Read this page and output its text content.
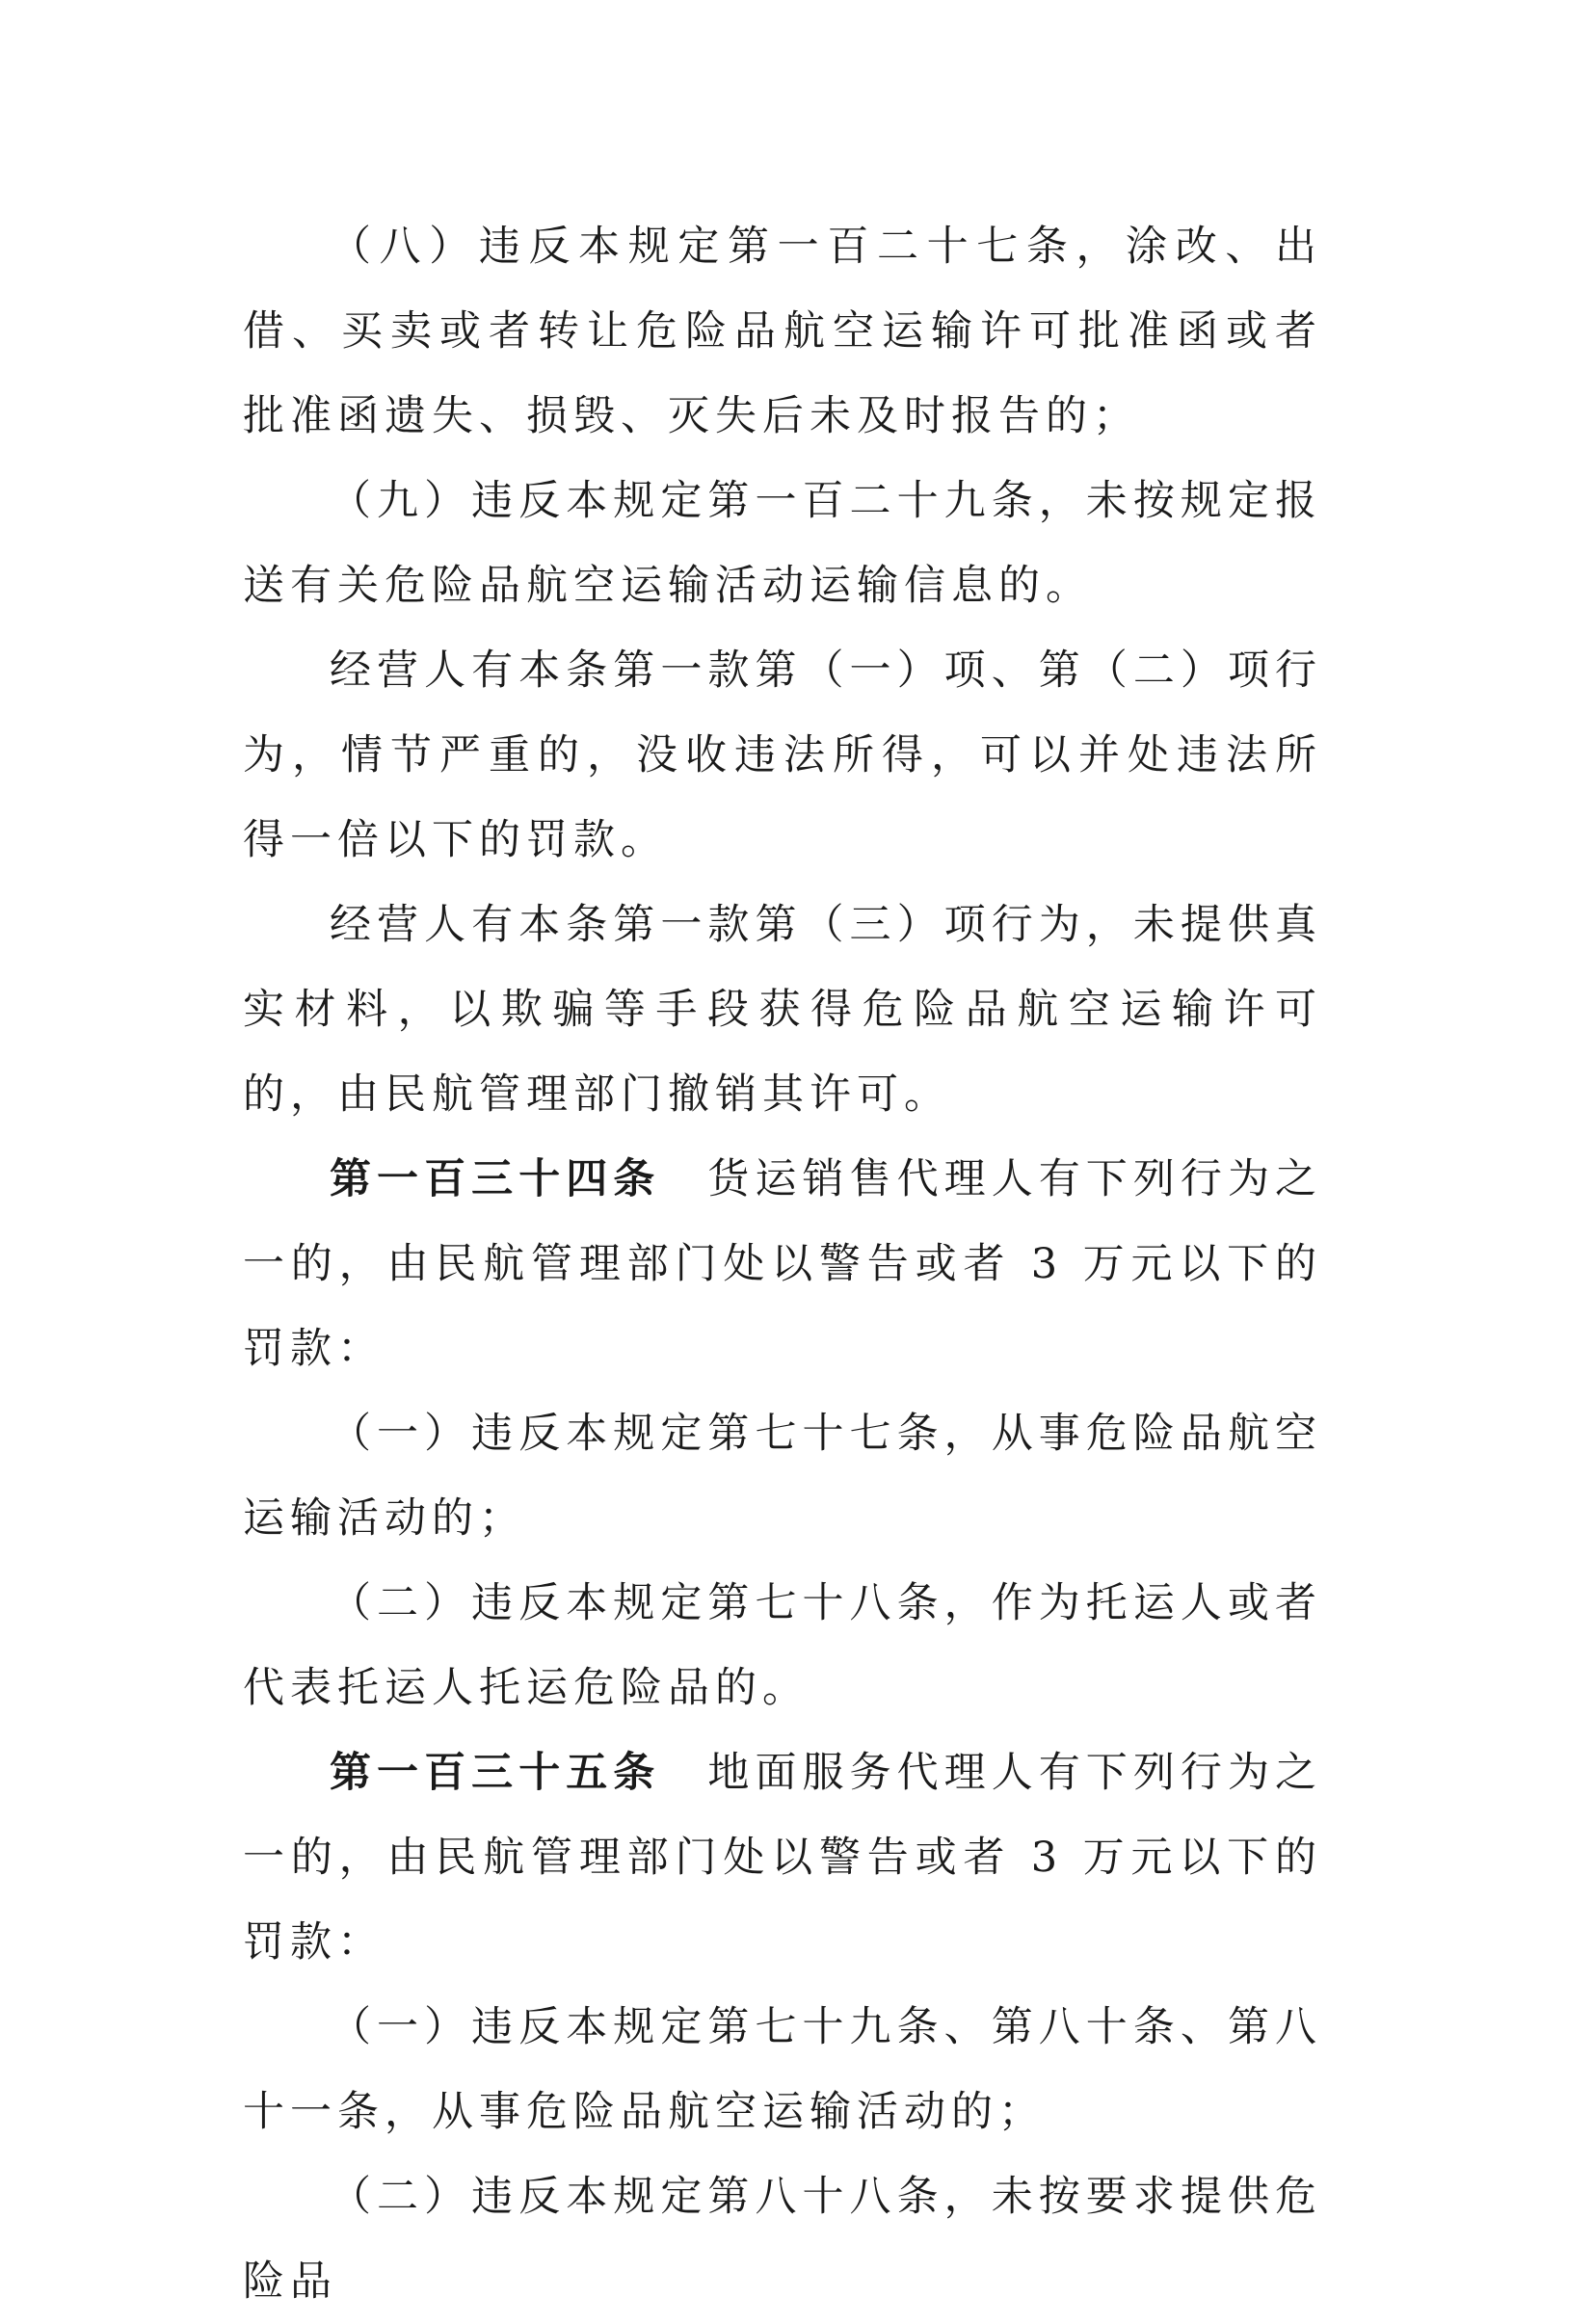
（八）违反本规定第一百二十七条，涂改、出借、买卖或者转让危险品航空运输许可批准函或者批准函遗失、损毁、灭失后未及时报告的；

（九）违反本规定第一百二十九条，未按规定报送有关危险品航空运输活动运输信息的。

经营人有本条第一款第（一）项、第（二）项行为，情节严重的，没收违法所得，可以并处违法所得一倍以下的罚款。

经营人有本条第一款第（三）项行为，未提供真实材料，以欺骗等手段获得危险品航空运输许可的，由民航管理部门撤销其许可。

第一百三十四条　货运销售代理人有下列行为之一的，由民航管理部门处以警告或者 3 万元以下的罚款：

（一）违反本规定第七十七条，从事危险品航空运输活动的；

（二）违反本规定第七十八条，作为托运人或者代表托运人托运危险品的。

第一百三十五条　地面服务代理人有下列行为之一的，由民航管理部门处以警告或者 3 万元以下的罚款：

（一）违反本规定第七十九条、第八十条、第八十一条，从事危险品航空运输活动的；

（二）违反本规定第八十八条，未按要求提供危险品
